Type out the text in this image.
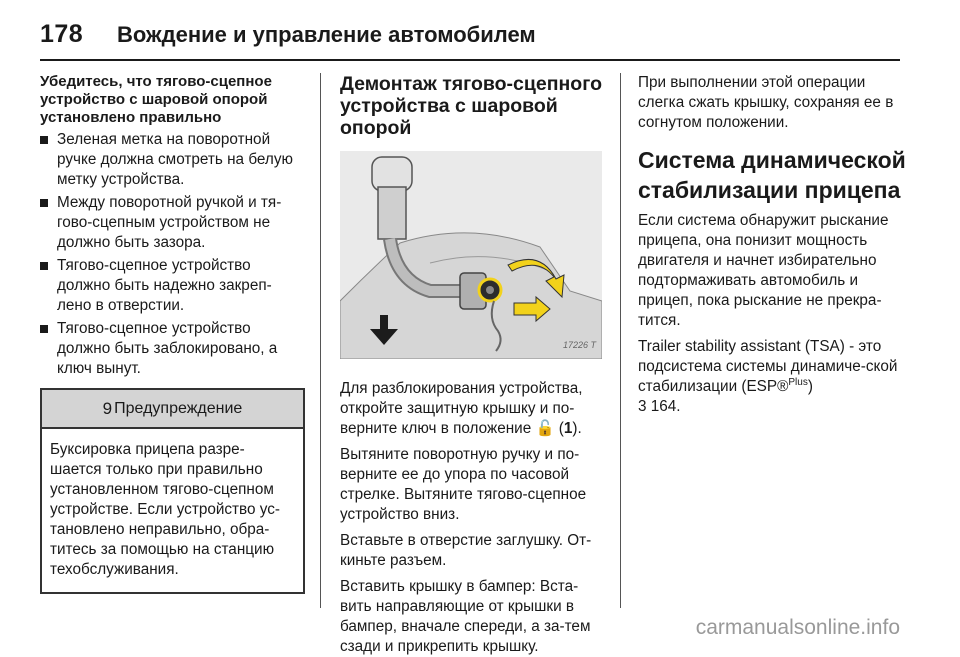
178 Вождение и управление автомобилем
Убедитесь, что тягово-сцепное устройство с шаровой опорой установлено правильно
Зеленая метка на поворотной ручке должна смотреть на белую метку устройства.
Между поворотной ручкой и тя-гово-сцепным устройством не должно быть зазора.
Тягово-сцепное устройство должно быть надежно закреп-лено в отверстии.
Тягово-сцепное устройство должно быть заблокировано, а ключ вынут.
9 Предупреждение
Буксировка прицепа разре-шается только при правильно установленном тягово-сцепном устройстве. Если устройство ус-тановлено неправильно, обра-титесь за помощью на станцию техобслуживания.
Демонтаж тягово-сцепного устройства с шаровой опорой
17226 T

Для разблокирования устройства, откройте защитную крышку и по-верните ключ в положение 🔓 (1).

Вытяните поворотную ручку и по-верните ее до упора по часовой стрелке. Вытяните тягово-сцепное устройство вниз.

Вставьте в отверстие заглушку. От-киньте разъем.

Вставить крышку в бампер: Вста-вить направляющие от крышки в бампер, вначале спереди, а за-тем сзади и прикрепить крышку.

При выполнении этой операции слегка сжать крышку, сохраняя ее в согнутом положении.

Система динамической стабилизации прицепа

Если система обнаружит рыскание прицепа, она понизит мощность двигателя и начнет избирательно подтормаживать автомобиль и прицеп, пока рыскание не прекра-тится.

Trailer stability assistant (TSA) - это подсистема системы динамиче-ской стабилизации (ESP®$^{Plus}$)
3 164.

carmanualsonline.info
